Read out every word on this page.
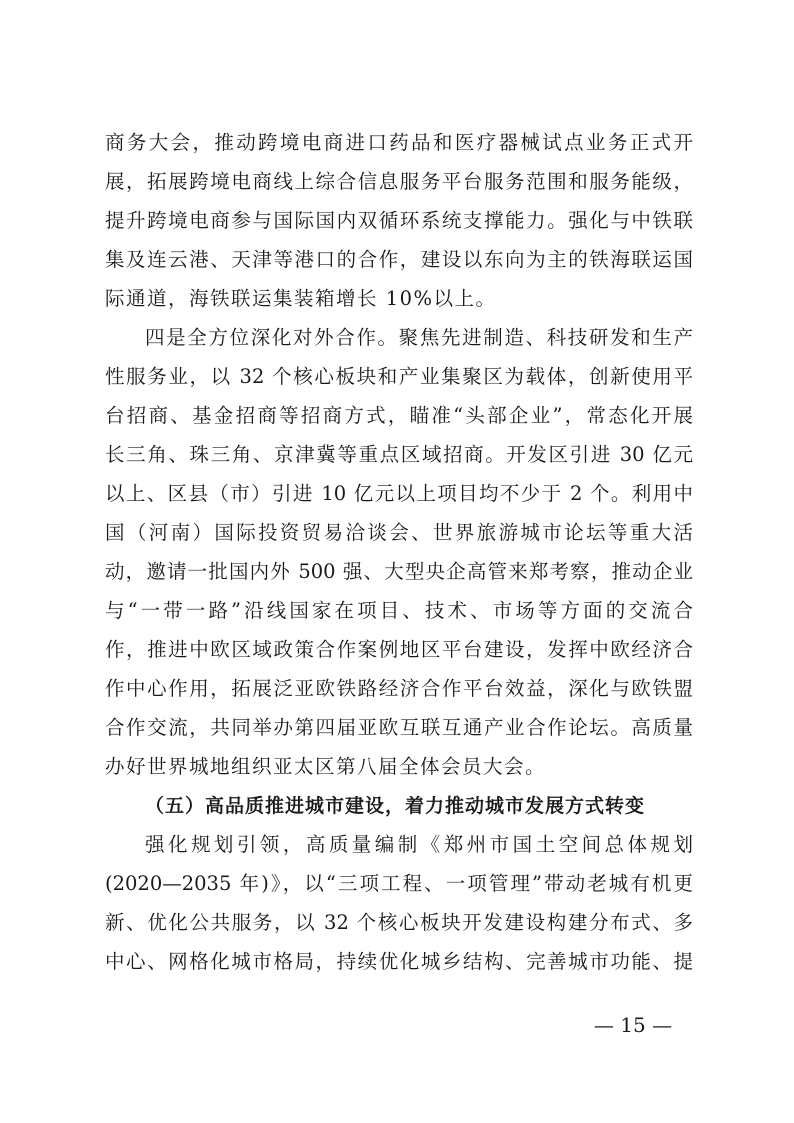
商务大会，推动跨境电商进口药品和医疗器械试点业务正式开
展，拓展跨境电商线上综合信息服务平台服务范围和服务能级，
提升跨境电商参与国际国内双循环系统支撑能力。强化与中铁联
集及连云港、天津等港口的合作，建设以东向为主的铁海联运国
际通道，海铁联运集装箱增长 10%以上。
四是全方位深化对外合作。聚焦先进制造、科技研发和生产
性服务业，以 32 个核心板块和产业集聚区为载体，创新使用平
台招商、基金招商等招商方式，瞄准“头部企业”，常态化开展
长三角、珠三角、京津冀等重点区域招商。开发区引进 30 亿元
以上、区县（市）引进 10 亿元以上项目均不少于 2 个。利用中
国（河南）国际投资贸易洽谈会、世界旅游城市论坛等重大活
动，邀请一批国内外 500 强、大型央企高管来郑考察，推动企业
与“一带一路”沿线国家在项目、技术、市场等方面的交流合
作，推进中欧区域政策合作案例地区平台建设，发挥中欧经济合
作中心作用，拓展泛亚欧铁路经济合作平台效益，深化与欧铁盟
合作交流，共同举办第四届亚欧互联互通产业合作论坛。高质量
办好世界城地组织亚太区第八届全体会员大会。
（五）高品质推进城市建设，着力推动城市发展方式转变
强化规划引领，高质量编制《郑州市国土空间总体规划
(2020—2035 年)》，以“三项工程、一项管理”带动老城有机更
新、优化公共服务，以 32 个核心板块开发建设构建分布式、多
中心、网格化城市格局，持续优化城乡结构、完善城市功能、提
— 15 —
